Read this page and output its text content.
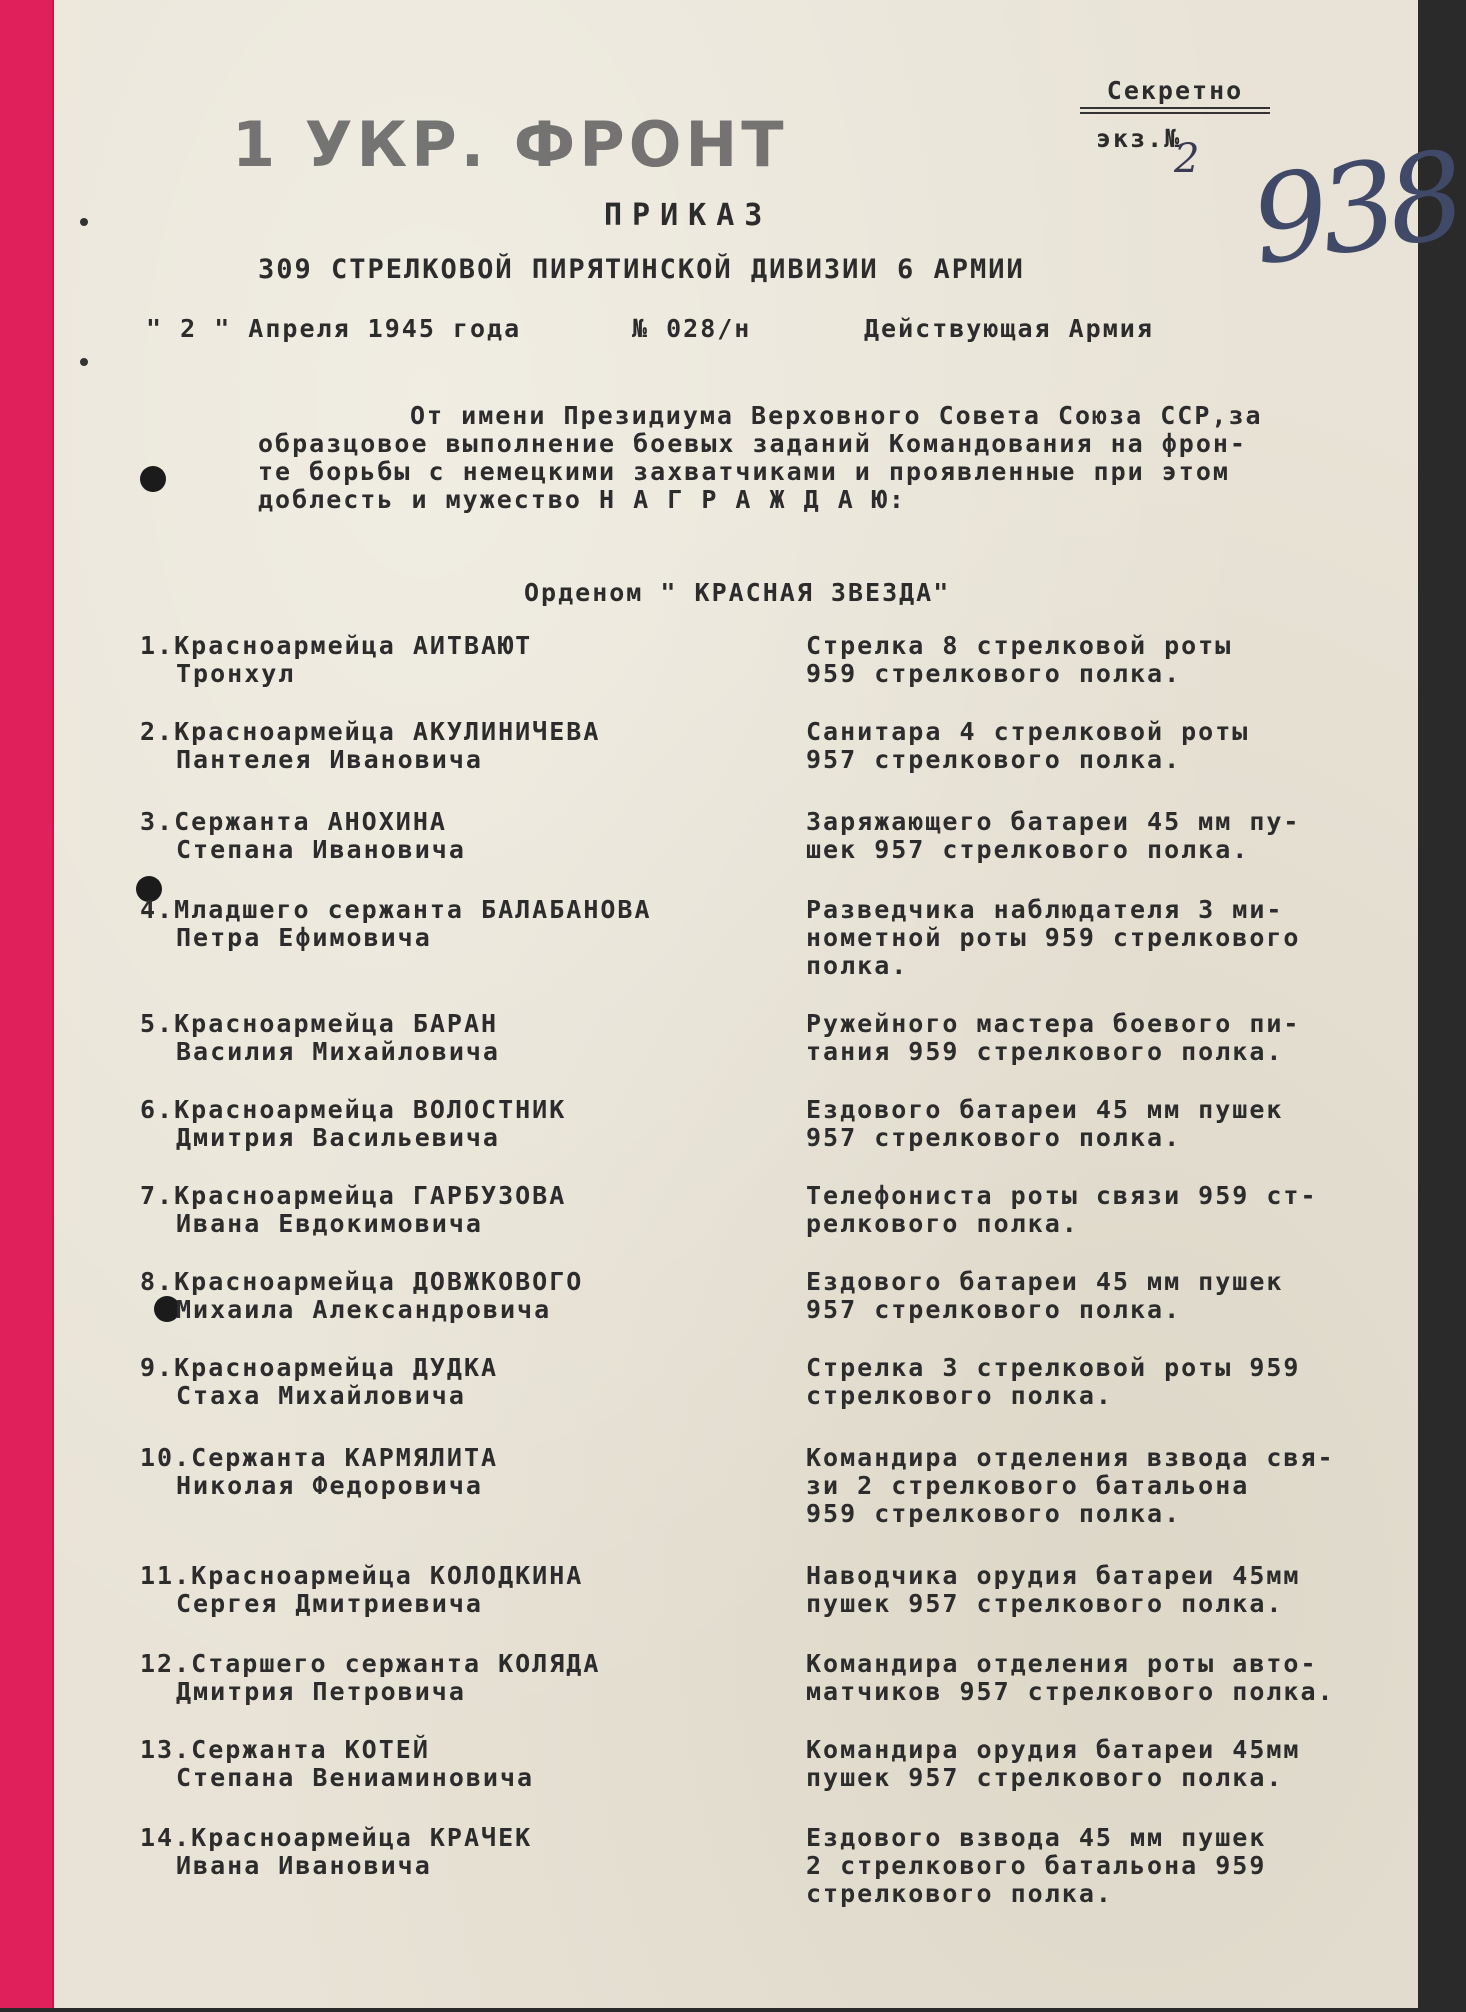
1 УКР. ФРОНТ
Секретно
экз.№
2 938
ПРИКАЗ
309 СТРЕЛКОВОЙ ПИРЯТИНСКОЙ ДИВИЗИИ 6 АРМИИ
" 2 " Апреля 1945 года	№ 028/н	Действующая Армия
От имени Президиума Верховного Совета Союза ССР,за
образцовое выполнение боевых заданий Командования на фрон-
те борьбы с немецкими захватчиками и проявленные при этом
доблесть и мужество Н А Г Р А Ж Д А Ю:
Орденом " КРАСНАЯ ЗВЕЗДА"
1.Красноармейца АИТВАЮТ
Тронхул
Стрелка 8 стрелковой роты
959 стрелкового полка.
2.Красноармейца АКУЛИНИЧЕВА
Пантелея Ивановича
Санитара 4 стрелковой роты
957 стрелкового полка.
3.Сержанта АНОХИНА
Степана Ивановича
Заряжающего батареи 45 мм пу-
шек 957 стрелкового полка.
4.Младшего сержанта БАЛАБАНОВА
Петра Ефимовича
Разведчика наблюдателя 3 ми-
нометной роты 959 стрелкового
полка.
5.Красноармейца БАРАН
Василия Михайловича
Ружейного мастера боевого пи-
тания 959 стрелкового полка.
6.Красноармейца ВОЛОСТНИК
Дмитрия Васильевича
Ездового батареи 45 мм пушек
957 стрелкового полка.
7.Красноармейца ГАРБУЗОВА
Ивана Евдокимовича
Телефониста роты связи 959 ст-
релкового полка.
8.Красноармейца ДОВЖКОВОГО
Михаила Александровича
Ездового батареи 45 мм пушек
957 стрелкового полка.
9.Красноармейца ДУДКА
Стаха Михайловича
Стрелка 3 стрелковой роты 959
стрелкового полка.
10.Сержанта КАРМЯЛИТА
Николая Федоровича
Командира отделения взвода свя-
зи 2 стрелкового батальона
959 стрелкового полка.
11.Красноармейца КОЛОДКИНА
Сергея Дмитриевича
Наводчика орудия батареи 45мм
пушек 957 стрелкового полка.
12.Старшего сержанта КОЛЯДА
Дмитрия Петровича
Командира отделения роты авто-
матчиков 957 стрелкового полка.
13.Сержанта КОТЕЙ
Степана Вениаминовича
Командира орудия батареи 45мм
пушек 957 стрелкового полка.
14.Красноармейца КРАЧЕК
Ивана Ивановича
Ездового взвода 45 мм пушек
2 стрелкового батальона 959
стрелкового полка.
